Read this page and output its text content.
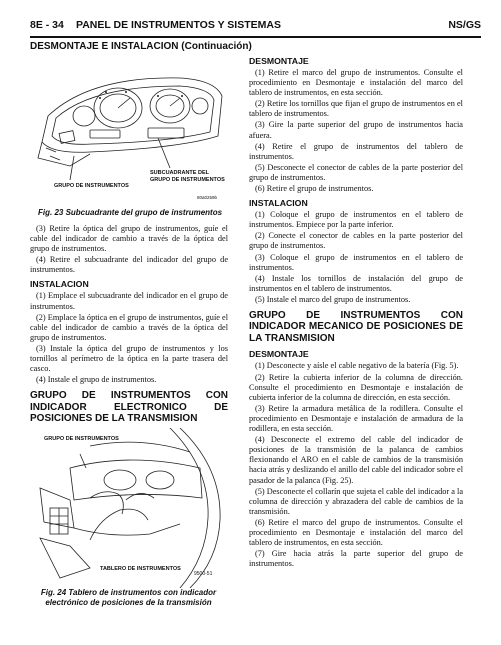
8E - 34 PANEL DE INSTRUMENTOS Y SISTEMAS	NS/GS
DESMONTAJE E INSTALACION (Continuación)
GRUPO DE INSTRUMENTOS
SUBCUADRANTE DEL
GRUPO DE INSTRUMENTOS
80a0259b
Fig. 23 Subcuadrante del grupo de instrumentos

(3) Retire la óptica del grupo de instrumentos, guíe el cable del indicador de cambio a través de la óptica del grupo de instrumentos.

(4) Retire el subcuadrante del indicador del grupo de instrumentos.

INSTALACION

(1) Emplace el subcuadrante del indicador en el grupo de instrumentos.

(2) Emplace la óptica en el grupo de instrumentos, guíe el cable del indicador de cambio a través de la óptica del grupo de instrumentos.

(3) Instale la óptica del grupo de instrumentos y los tornillos al perímetro de la óptica en la parte trasera del casco.

(4) Instale el grupo de instrumentos.

GRUPO DE INSTRUMENTOS CON INDICADOR ELECTRONICO DE POSICIONES DE LA TRANSMISION
GRUPO DE INSTRUMENTOS
TABLERO DE INSTRUMENTOS
9500-51
Fig. 24 Tablero de instrumentos con indicador
electrónico de posiciones de la transmisión
DESMONTAJE

(1) Retire el marco del grupo de instrumentos. Consulte el procedimiento en Desmontaje e instalación del marco del tablero de instrumentos, en esta sección.

(2) Retire los tornillos que fijan el grupo de instrumentos en el tablero de instrumentos.

(3) Gire la parte superior del grupo de instrumentos hacia afuera.

(4) Retire el grupo de instrumentos del tablero de instrumentos.

(5) Desconecte el conector de cables de la parte posterior del grupo de instrumentos.

(6) Retire el grupo de instrumentos.

INSTALACION

(1) Coloque el grupo de instrumentos en el tablero de instrumentos. Empiece por la parte inferior.

(2) Conecte el conector de cables en la parte posterior del grupo de instrumentos.

(3) Coloque el grupo de instrumentos en el tablero de instrumentos.

(4) Instale los tornillos de instalación del grupo de instrumentos en el tablero de instrumentos.

(5) Instale el marco del grupo de instrumentos.

GRUPO DE INSTRUMENTOS CON INDICADOR MECANICO DE POSICIONES DE LA TRANSMISION
DESMONTAJE

(1) Desconecte y aísle el cable negativo de la batería (Fig. 5).

(2) Retire la cubierta inferior de la columna de dirección. Consulte el procedimiento en Desmontaje e instalación de cubierta inferior de la columna de dirección, en esta sección.

(3) Retire la armadura metálica de la rodillera. Consulte el procedimiento en Desmontaje e instalación de armadura de la rodillera, en esta sección.

(4) Desconecte el extremo del cable del indicador de posiciones de la transmisión de la palanca de cambios flexionando el ARO en el cable de cambios de la transmisión hacia atrás y deslizando el anillo del cable del indicador sobre el pasador de la palanca (Fig. 25).

(5) Desconecte el collarín que sujeta el cable del indicador a la columna de dirección y abrazadera del cable de cambios de la transmisión.

(6) Retire el marco del grupo de instrumentos. Consulte el procedimiento en Desmontaje e instalación del marco del tablero de instrumentos, en esta sección.

(7) Gire hacia atrás la parte superior del grupo de instrumentos.
